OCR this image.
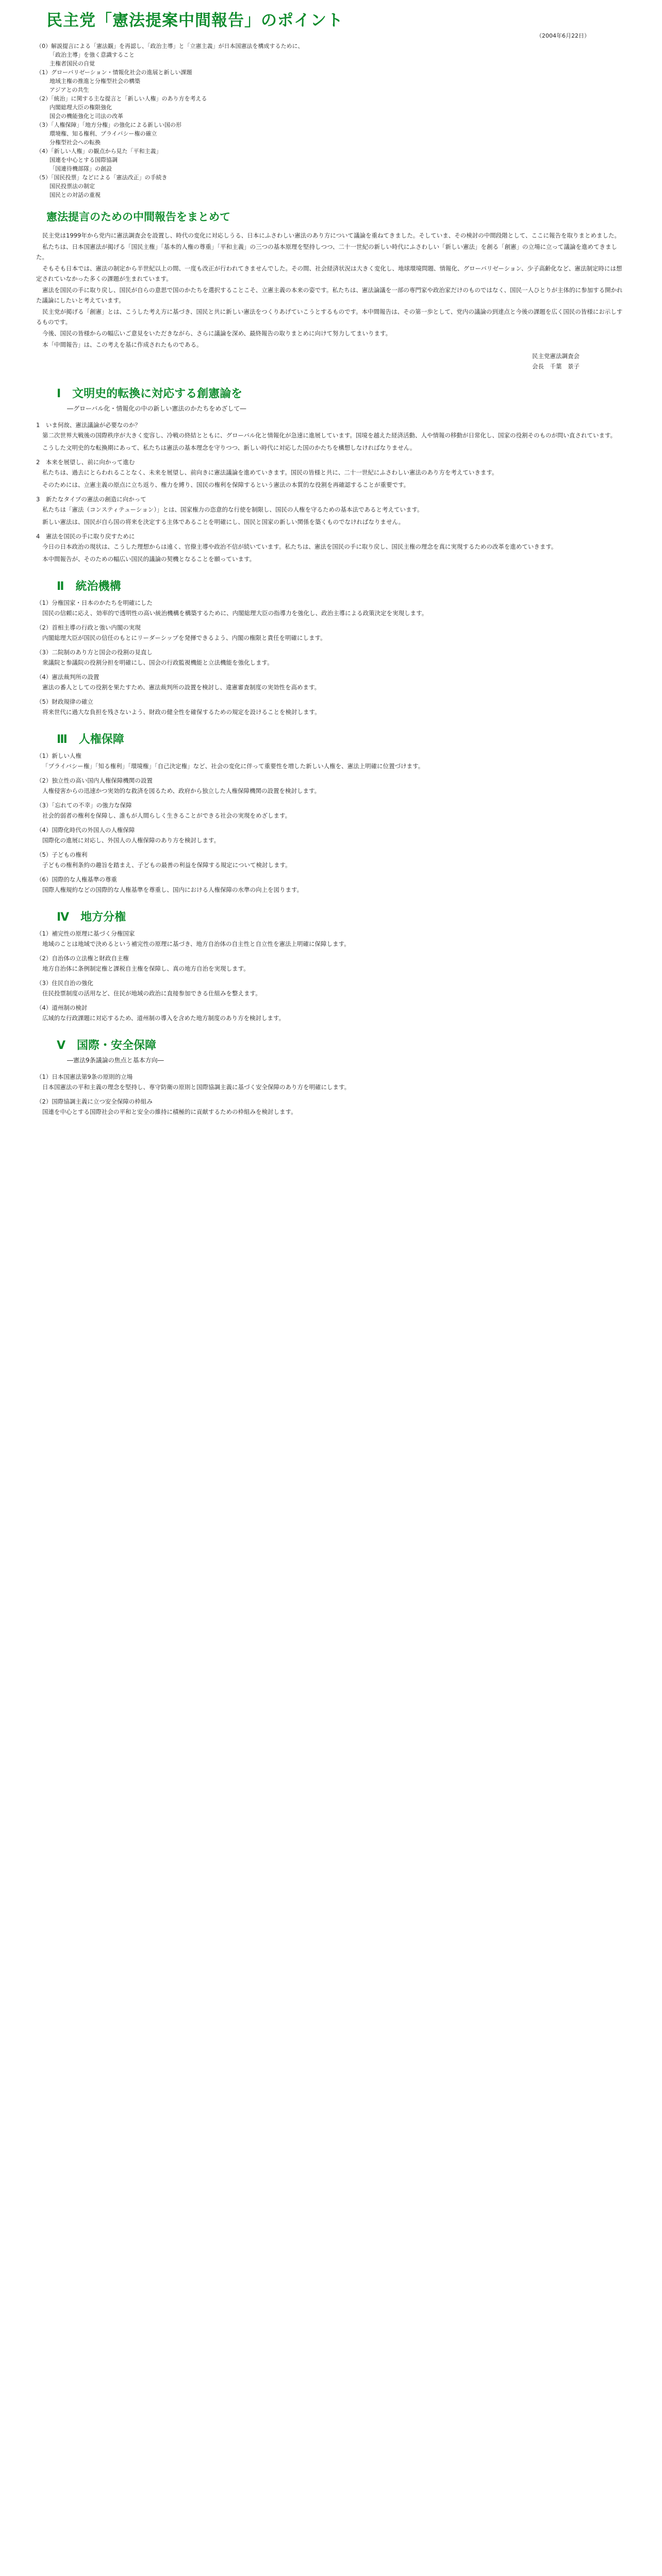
民主党「憲法提案中間報告」のポイント
（2004年6月22日）
（0）解説提言による「憲法観」を再認し、「政治主導」と「立憲主義」が日本国憲法を構成するために、
「政治主導」を強く意識すること
主権者国民の自覚
（1）グローバリゼーション・情報化社会の進展と新しい課題
地域主権の推進と分権型社会の構築
アジアとの共生
（2）「統治」に関する主な提言と「新しい人権」のあり方を考える
内閣総理大臣の権限強化
国会の機能強化と司法の改革
（3）「人権保障」「地方分権」の強化による新しい国の形
環境権、知る権利、プライバシー権の確立
分権型社会への転換
（4）「新しい人権」の観点から見た「平和主義」
国連を中心とする国際協調
「国連待機部隊」の創設
（5）「国民投票」などによる「憲法改正」の手続き
国民投票法の制定
国民との対話の重視
憲法提言のための中間報告をまとめて

民主党は1999年から党内に憲法調査会を設置し、時代の変化に対応しうる、日本にふさわしい憲法のあり方について議論を重ねてきました。そしていま、その検討の中間段階として、ここに報告を取りまとめました。

私たちは、日本国憲法が掲げる「国民主権」「基本的人権の尊重」「平和主義」の三つの基本原理を堅持しつつ、二十一世紀の新しい時代にふさわしい「新しい憲法」を創る「創憲」の立場に立って議論を進めてきました。

そもそも日本では、憲法の制定から半世紀以上の間、一度も改正が行われてきませんでした。その間、社会経済状況は大きく変化し、地球環境問題、情報化、グローバリゼーション、少子高齢化など、憲法制定時には想定されていなかった多くの課題が生まれています。

憲法を国民の手に取り戻し、国民が自らの意思で国のかたちを選択することこそ、立憲主義の本来の姿です。私たちは、憲法論議を一部の専門家や政治家だけのものではなく、国民一人ひとりが主体的に参加する開かれた議論にしたいと考えています。

民主党が掲げる「創憲」とは、こうした考え方に基づき、国民と共に新しい憲法をつくりあげていこうとするものです。本中間報告は、その第一歩として、党内の議論の到達点と今後の課題を広く国民の皆様にお示しするものです。

今後、国民の皆様からの幅広いご意見をいただきながら、さらに議論を深め、最終報告の取りまとめに向けて努力してまいります。

本「中間報告」は、この考えを基に作成されたものである。

民主党憲法調査会
会長　千葉　景子
Ⅰ　文明史的転換に対応する創憲論を
―グローバル化・情報化の中の新しい憲法のかたちをめざして―
1　いま何故、憲法議論が必要なのか？

第二次世界大戦後の国際秩序が大きく変容し、冷戦の終結とともに、グローバル化と情報化が急速に進展しています。国境を越えた経済活動、人や情報の移動が日常化し、国家の役割そのものが問い直されています。

こうした文明史的な転換期にあって、私たちは憲法の基本理念を守りつつ、新しい時代に対応した国のかたちを構想しなければなりません。

2　本来を展望し、前に向かって進む

私たちは、過去にとらわれることなく、未来を展望し、前向きに憲法議論を進めていきます。国民の皆様と共に、二十一世紀にふさわしい憲法のあり方を考えていきます。

そのためには、立憲主義の原点に立ち返り、権力を縛り、国民の権利を保障するという憲法の本質的な役割を再確認することが重要です。

3　新たなタイプの憲法の創造に向かって

私たちは「憲法（コンスティテューション）」とは、国家権力の恣意的な行使を制限し、国民の人権を守るための基本法であると考えています。

新しい憲法は、国民が自ら国の将来を決定する主体であることを明確にし、国民と国家の新しい関係を築くものでなければなりません。

4　憲法を国民の手に取り戻すために

今日の日本政治の現状は、こうした理想からは遠く、官僚主導や政治不信が続いています。私たちは、憲法を国民の手に取り戻し、国民主権の理念を真に実現するための改革を進めていきます。

本中間報告が、そのための幅広い国民的議論の契機となることを願っています。

Ⅱ　統治機構
（1）分権国家・日本のかたちを明確にした

国民の信頼に応え、効率的で透明性の高い統治機構を構築するために、内閣総理大臣の指導力を強化し、政治主導による政策決定を実現します。

（2）首相主導の行政と強い内閣の実現

内閣総理大臣が国民の信任のもとにリーダーシップを発揮できるよう、内閣の権限と責任を明確にします。

（3）二院制のあり方と国会の役割の見直し

衆議院と参議院の役割分担を明確にし、国会の行政監視機能と立法機能を強化します。

（4）憲法裁判所の設置

憲法の番人としての役割を果たすため、憲法裁判所の設置を検討し、違憲審査制度の実効性を高めます。

（5）財政規律の確立

将来世代に過大な負担を残さないよう、財政の健全性を確保するための規定を設けることを検討します。

Ⅲ　人権保障
（1）新しい人権

「プライバシー権」「知る権利」「環境権」「自己決定権」など、社会の変化に伴って重要性を増した新しい人権を、憲法上明確に位置づけます。

（2）独立性の高い国内人権保障機関の設置

人権侵害からの迅速かつ実効的な救済を図るため、政府から独立した人権保障機関の設置を検討します。

（3）「忘れての不幸」の強力な保障

社会的弱者の権利を保障し、誰もが人間らしく生きることができる社会の実現をめざします。

（4）国際化時代の外国人の人権保障

国際化の進展に対応し、外国人の人権保障のあり方を検討します。

（5）子どもの権利

子どもの権利条約の趣旨を踏まえ、子どもの最善の利益を保障する規定について検討します。

（6）国際的な人権基準の尊重

国際人権規約などの国際的な人権基準を尊重し、国内における人権保障の水準の向上を図ります。

Ⅳ　地方分権
（1）補完性の原理に基づく分権国家

地域のことは地域で決めるという補完性の原理に基づき、地方自治体の自主性と自立性を憲法上明確に保障します。

（2）自治体の立法権と財政自主権

地方自治体に条例制定権と課税自主権を保障し、真の地方自治を実現します。

（3）住民自治の強化

住民投票制度の活用など、住民が地域の政治に直接参加できる仕組みを整えます。

（4）道州制の検討

広域的な行政課題に対応するため、道州制の導入を含めた地方制度のあり方を検討します。

Ⅴ　国際・安全保障
―憲法9条議論の焦点と基本方向―
（1）日本国憲法第9条の原則的立場

日本国憲法の平和主義の理念を堅持し、専守防衛の原則と国際協調主義に基づく安全保障のあり方を明確にします。

（2）国際協調主義に立つ安全保障の枠組み

国連を中心とする国際社会の平和と安全の維持に積極的に貢献するための枠組みを検討します。
